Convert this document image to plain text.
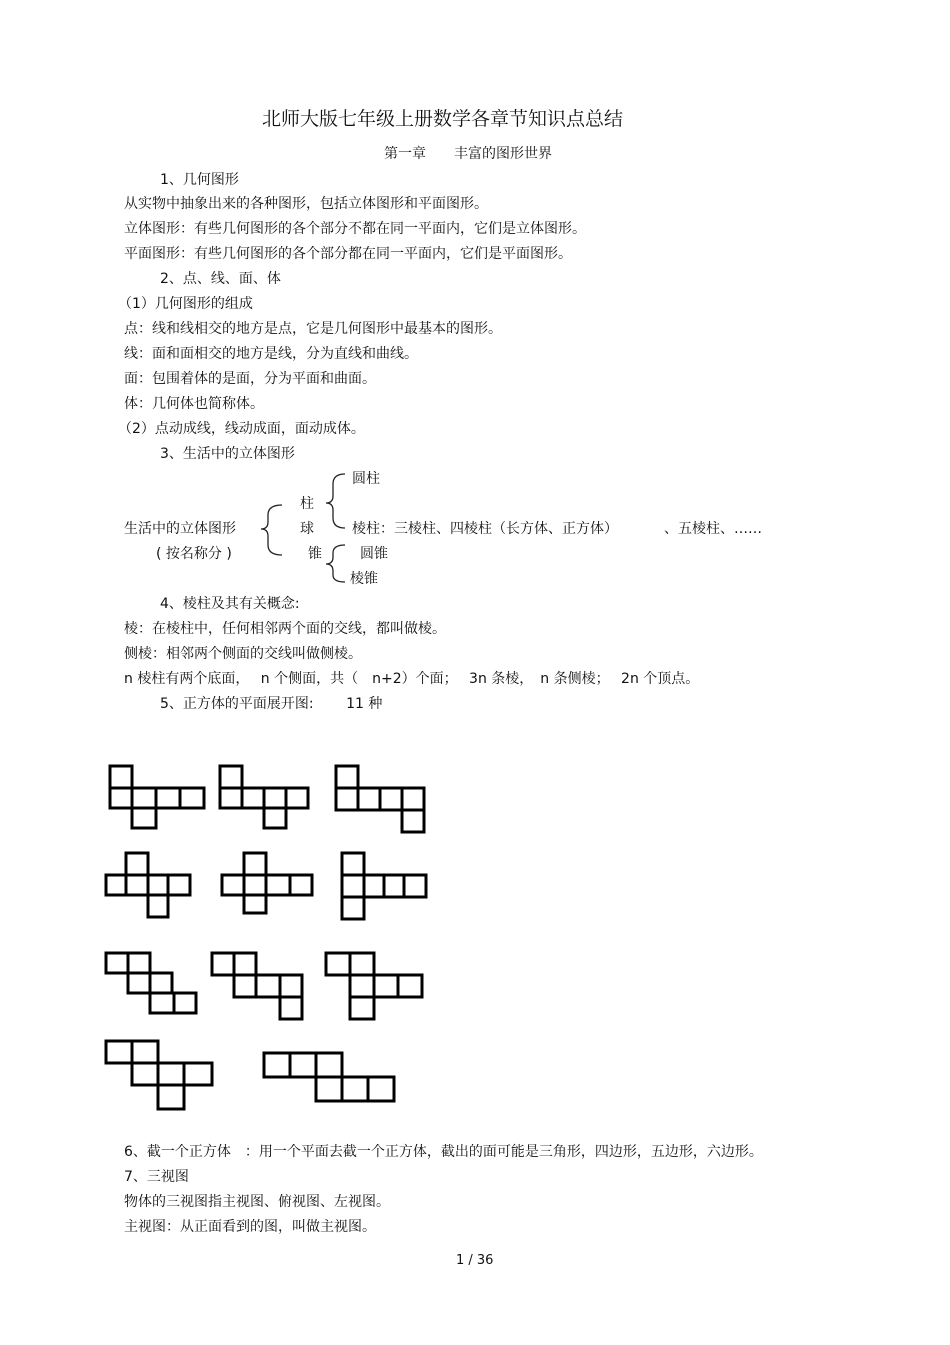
北师大版七年级上册数学各章节知识点总结
第一章　　丰富的图形世界
1、几何图形
从实物中抽象出来的各种图形，包括立体图形和平面图形。
立体图形：有些几何图形的各个部分不都在同一平面内，它们是立体图形。
平面图形：有些几何图形的各个部分都在同一平面内，它们是平面图形。
2、点、线、面、体
（1）几何图形的组成
点：线和线相交的地方是点，它是几何图形中最基本的图形。
线：面和面相交的地方是线，分为直线和曲线。
面：包围着体的是面，分为平面和曲面。
体：几何体也简称体。
（2）点动成线，线动成面，面动成体。
3、生活中的立体图形
生活中的立体图形
( 按名称分 )
柱
球
锥
圆柱
棱柱：三棱柱、四棱柱（长方体、正方体）	、五棱柱、……
圆锥
棱锥
4、棱柱及其有关概念:
棱：在棱柱中，任何相邻两个面的交线，都叫做棱。
侧棱：相邻两个侧面的交线叫做侧棱。
n 棱柱有两个底面，　 n 个侧面，共（　n+2）个面；　 3n 条棱，　n 条侧棱；　 2n 个顶点。
5、正方体的平面展开图:　　 11 种
6、截一个正方体　：用一个平面去截一个正方体，截出的面可能是三角形，四边形，五边形，六边形。
7、三视图
物体的三视图指主视图、俯视图、左视图。
主视图：从正面看到的图，叫做主视图。
1 / 36
